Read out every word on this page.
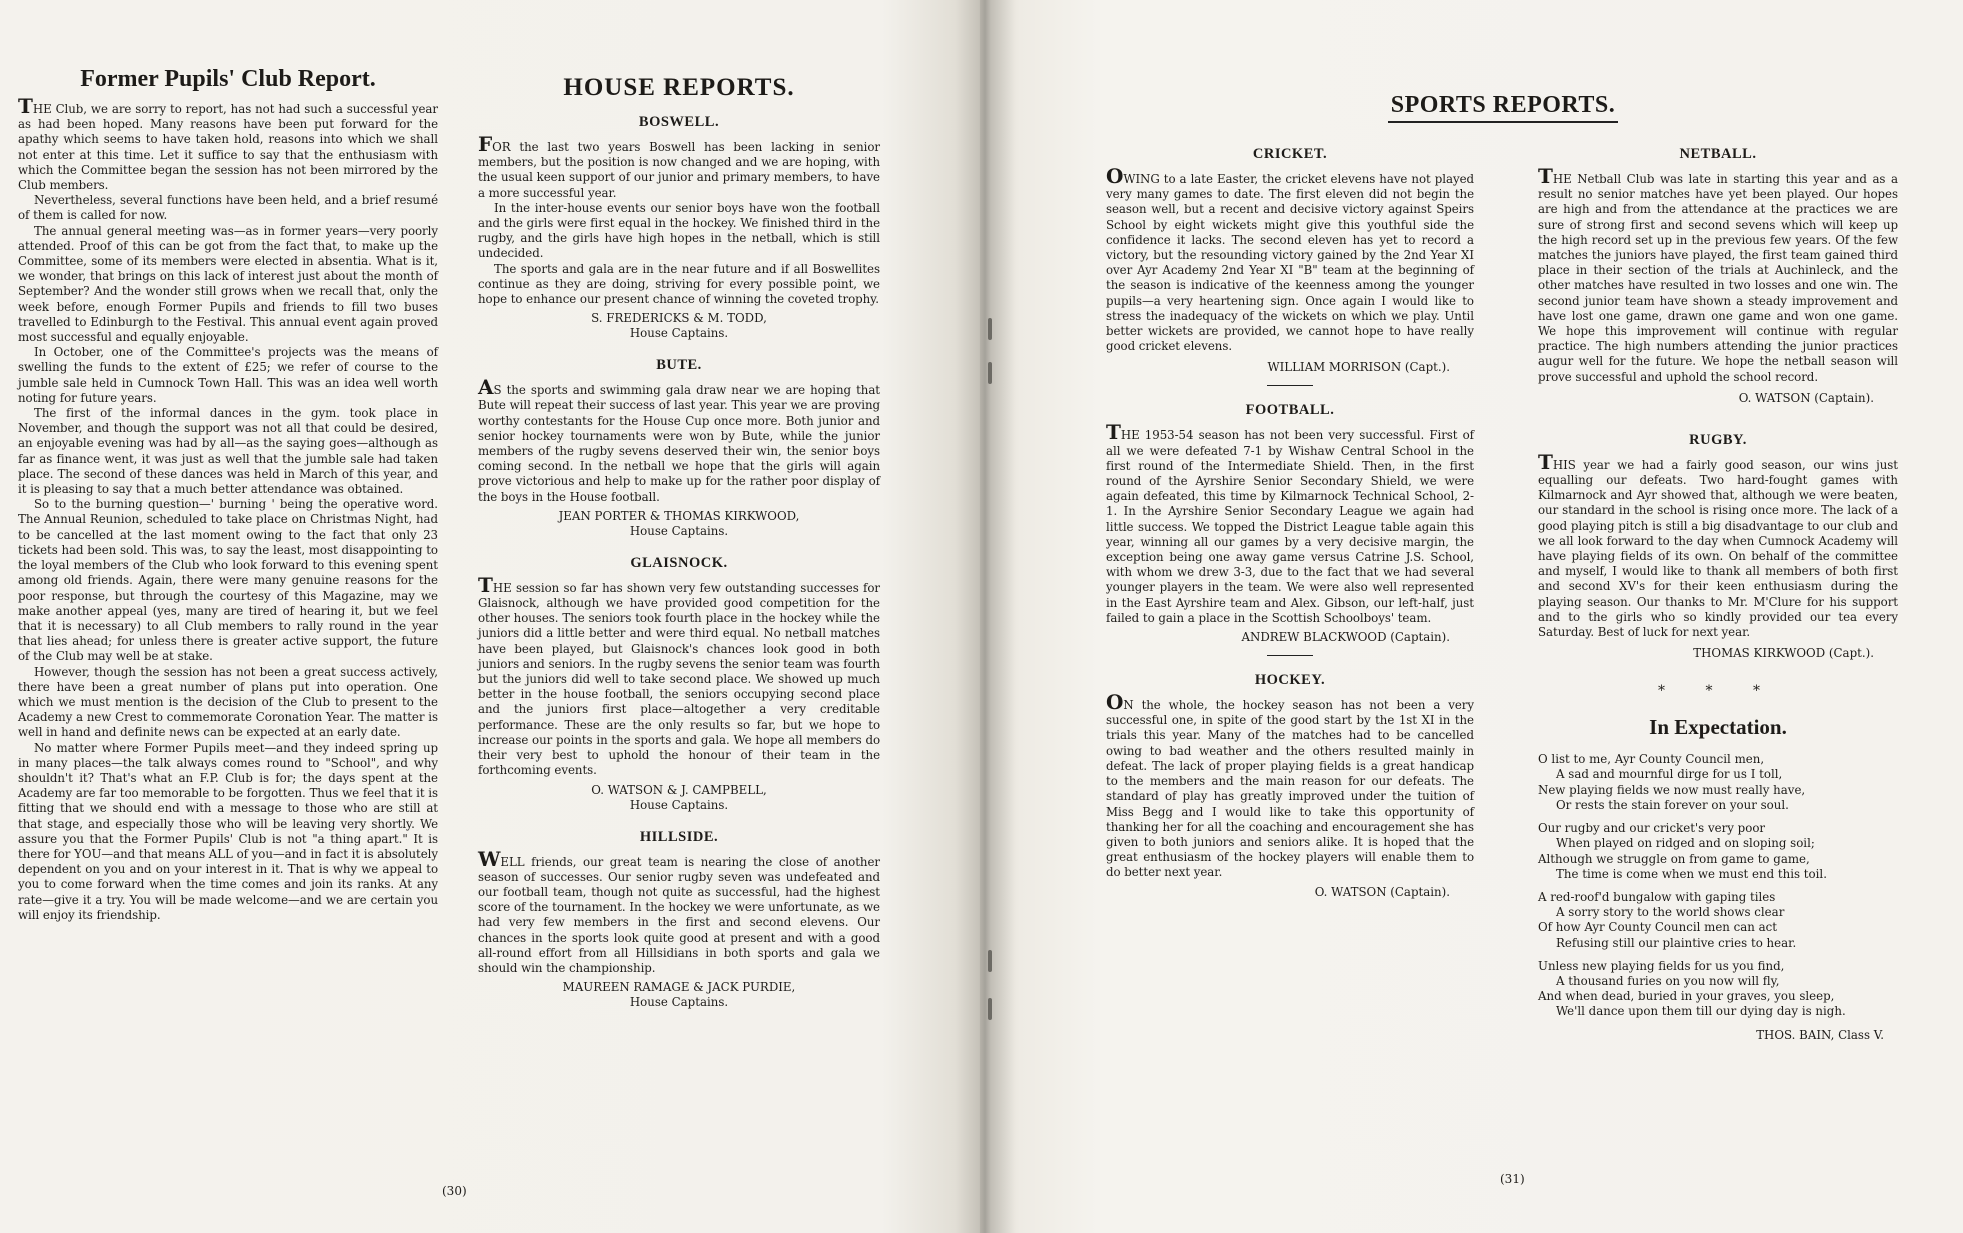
Former Pupils' Club Report.

THE Club, we are sorry to report, has not had such a successful year as had been hoped. Many reasons have been put forward for the apathy which seems to have taken hold, reasons into which we shall not enter at this time. Let it suffice to say that the enthusiasm with which the Committee began the session has not been mirrored by the Club members.

Nevertheless, several functions have been held, and a brief resumé of them is called for now.

The annual general meeting was—as in former years—very poorly attended. Proof of this can be got from the fact that, to make up the Committee, some of its members were elected in absentia. What is it, we wonder, that brings on this lack of interest just about the month of September? And the wonder still grows when we recall that, only the week before, enough Former Pupils and friends to fill two buses travelled to Edinburgh to the Festival. This annual event again proved most successful and equally enjoyable.

In October, one of the Committee's projects was the means of swelling the funds to the extent of £25; we refer of course to the jumble sale held in Cumnock Town Hall. This was an idea well worth noting for future years.

The first of the informal dances in the gym. took place in November, and though the support was not all that could be desired, an enjoyable evening was had by all—as the saying goes—although as far as finance went, it was just as well that the jumble sale had taken place. The second of these dances was held in March of this year, and it is pleasing to say that a much better attendance was obtained.

So to the burning question—' burning ' being the operative word. The Annual Reunion, scheduled to take place on Christmas Night, had to be cancelled at the last moment owing to the fact that only 23 tickets had been sold. This was, to say the least, most disappointing to the loyal members of the Club who look forward to this evening spent among old friends. Again, there were many genuine reasons for the poor response, but through the courtesy of this Magazine, may we make another appeal (yes, many are tired of hearing it, but we feel that it is necessary) to all Club members to rally round in the year that lies ahead; for unless there is greater active support, the future of the Club may well be at stake.

However, though the session has not been a great success actively, there have been a great number of plans put into operation. One which we must mention is the decision of the Club to present to the Academy a new Crest to commemorate Coronation Year. The matter is well in hand and definite news can be expected at an early date.

No matter where Former Pupils meet—and they indeed spring up in many places—the talk always comes round to "School", and why shouldn't it? That's what an F.P. Club is for; the days spent at the Academy are far too memorable to be forgotten. Thus we feel that it is fitting that we should end with a message to those who are still at that stage, and especially those who will be leaving very shortly. We assure you that the Former Pupils' Club is not "a thing apart." It is there for YOU—and that means ALL of you—and in fact it is absolutely dependent on you and on your interest in it. That is why we appeal to you to come forward when the time comes and join its ranks. At any rate—give it a try. You will be made welcome—and we are certain you will enjoy its friendship.

HOUSE REPORTS.
BOSWELL.

FOR the last two years Boswell has been lacking in senior members, but the position is now changed and we are hoping, with the usual keen support of our junior and primary members, to have a more successful year.

In the inter-house events our senior boys have won the football and the girls were first equal in the hockey. We finished third in the rugby, and the girls have high hopes in the netball, which is still undecided.

The sports and gala are in the near future and if all Boswellites continue as they are doing, striving for every possible point, we hope to enhance our present chance of winning the coveted trophy.

S. FREDERICKS & M. TODD,
House Captains.
BUTE.

AS the sports and swimming gala draw near we are hoping that Bute will repeat their success of last year. This year we are proving worthy contestants for the House Cup once more. Both junior and senior hockey tournaments were won by Bute, while the junior members of the rugby sevens deserved their win, the senior boys coming second. In the netball we hope that the girls will again prove victorious and help to make up for the rather poor display of the boys in the House football.

JEAN PORTER & THOMAS KIRKWOOD,
House Captains.
GLAISNOCK.

THE session so far has shown very few outstanding successes for Glaisnock, although we have provided good competition for the other houses. The seniors took fourth place in the hockey while the juniors did a little better and were third equal. No netball matches have been played, but Glaisnock's chances look good in both juniors and seniors. In the rugby sevens the senior team was fourth but the juniors did well to take second place. We showed up much better in the house football, the seniors occupying second place and the juniors first place—altogether a very creditable performance. These are the only results so far, but we hope to increase our points in the sports and gala. We hope all members do their very best to uphold the honour of their team in the forthcoming events.

O. WATSON & J. CAMPBELL,
House Captains.
HILLSIDE.

WELL friends, our great team is nearing the close of another season of successes. Our senior rugby seven was undefeated and our football team, though not quite as successful, had the highest score of the tournament. In the hockey we were unfortunate, as we had very few members in the first and second elevens. Our chances in the sports look quite good at present and with a good all-round effort from all Hillsidians in both sports and gala we should win the championship.

MAUREEN RAMAGE & JACK PURDIE,
House Captains.
(30)
SPORTS REPORTS.
CRICKET.

OWING to a late Easter, the cricket elevens have not played very many games to date. The first eleven did not begin the season well, but a recent and decisive victory against Speirs School by eight wickets might give this youthful side the confidence it lacks. The second eleven has yet to record a victory, but the resounding victory gained by the 2nd Year XI over Ayr Academy 2nd Year XI "B" team at the beginning of the season is indicative of the keenness among the younger pupils—a very heartening sign. Once again I would like to stress the inadequacy of the wickets on which we play. Until better wickets are provided, we cannot hope to have really good cricket elevens.

WILLIAM MORRISON (Capt.).
FOOTBALL.

THE 1953-54 season has not been very successful. First of all we were defeated 7-1 by Wishaw Central School in the first round of the Intermediate Shield. Then, in the first round of the Ayrshire Senior Secondary Shield, we were again defeated, this time by Kilmarnock Technical School, 2-1. In the Ayrshire Senior Secondary League we again had little success. We topped the District League table again this year, winning all our games by a very decisive margin, the exception being one away game versus Catrine J.S. School, with whom we drew 3-3, due to the fact that we had several younger players in the team. We were also well represented in the East Ayrshire team and Alex. Gibson, our left-half, just failed to gain a place in the Scottish Schoolboys' team.

ANDREW BLACKWOOD (Captain).
HOCKEY.

ON the whole, the hockey season has not been a very successful one, in spite of the good start by the 1st XI in the trials this year. Many of the matches had to be cancelled owing to bad weather and the others resulted mainly in defeat. The lack of proper playing fields is a great handicap to the members and the main reason for our defeats. The standard of play has greatly improved under the tuition of Miss Begg and I would like to take this opportunity of thanking her for all the coaching and encouragement she has given to both juniors and seniors alike. It is hoped that the great enthusiasm of the hockey players will enable them to do better next year.

O. WATSON (Captain).
NETBALL.

THE Netball Club was late in starting this year and as a result no senior matches have yet been played. Our hopes are high and from the attendance at the practices we are sure of strong first and second sevens which will keep up the high record set up in the previous few years. Of the few matches the juniors have played, the first team gained third place in their section of the trials at Auchinleck, and the other matches have resulted in two losses and one win. The second junior team have shown a steady improvement and have lost one game, drawn one game and won one game. We hope this improvement will continue with regular practice. The high numbers attending the junior practices augur well for the future. We hope the netball season will prove successful and uphold the school record.

O. WATSON (Captain).
RUGBY.

THIS year we had a fairly good season, our wins just equalling our defeats. Two hard-fought games with Kilmarnock and Ayr showed that, although we were beaten, our standard in the school is rising once more. The lack of a good playing pitch is still a big disadvantage to our club and we all look forward to the day when Cumnock Academy will have playing fields of its own. On behalf of the committee and myself, I would like to thank all members of both first and second XV's for their keen enthusiasm during the playing season. Our thanks to Mr. M'Clure for his support and to the girls who so kindly provided our tea every Saturday. Best of luck for next year.

THOMAS KIRKWOOD (Capt.).
* * *
In Expectation.
O list to me, Ayr County Council men,
A sad and mournful dirge for us I toll,
New playing fields we now must really have,
Or rests the stain forever on your soul.
Our rugby and our cricket's very poor
When played on ridged and on sloping soil;
Although we struggle on from game to game,
The time is come when we must end this toil.
A red-roof'd bungalow with gaping tiles
A sorry story to the world shows clear
Of how Ayr County Council men can act
Refusing still our plaintive cries to hear.
Unless new playing fields for us you find,
A thousand furies on you now will fly,
And when dead, buried in your graves, you sleep,
We'll dance upon them till our dying day is nigh.
THOS. BAIN, Class V.
(31)
